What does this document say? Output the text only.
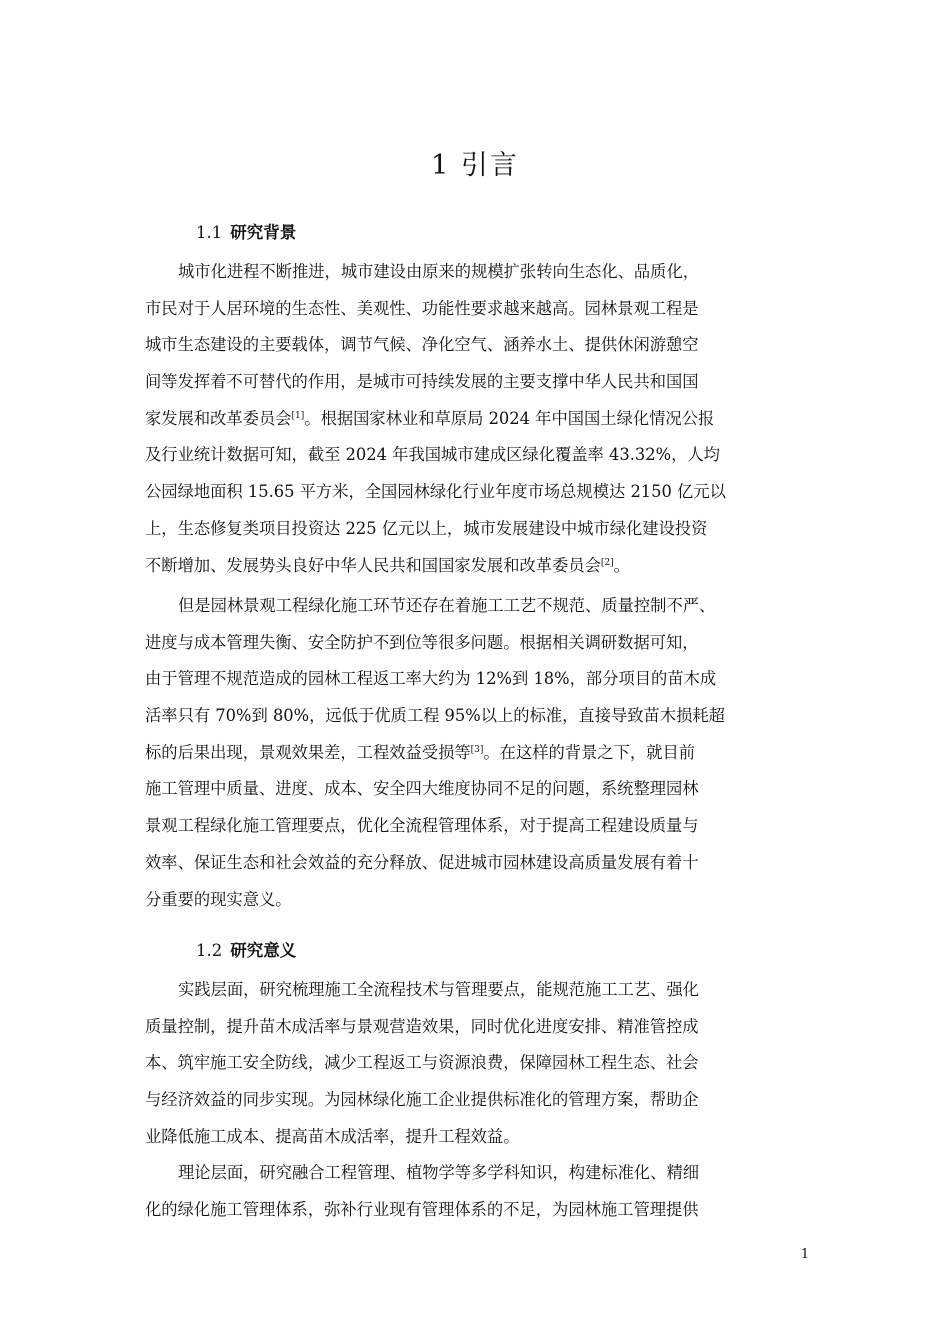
1 引言
1.1 研究背景
城市化进程不断推进，城市建设由原来的规模扩张转向生态化、品质化，
市民对于人居环境的生态性、美观性、功能性要求越来越高。园林景观工程是
城市生态建设的主要载体，调节气候、净化空气、涵养水土、提供休闲游憩空
间等发挥着不可替代的作用，是城市可持续发展的主要支撑中华人民共和国国
家发展和改革委员会[1]。根据国家林业和草原局 2024 年中国国土绿化情况公报
及行业统计数据可知，截至 2024 年我国城市建成区绿化覆盖率 43.32%，人均
公园绿地面积 15.65 平方米，全国园林绿化行业年度市场总规模达 2150 亿元以
上，生态修复类项目投资达 225 亿元以上，城市发展建设中城市绿化建设投资
不断增加、发展势头良好中华人民共和国国家发展和改革委员会[2]。
但是园林景观工程绿化施工环节还存在着施工工艺不规范、质量控制不严、
进度与成本管理失衡、安全防护不到位等很多问题。根据相关调研数据可知，
由于管理不规范造成的园林工程返工率大约为 12%到 18%，部分项目的苗木成
活率只有 70%到 80%，远低于优质工程 95%以上的标准，直接导致苗木损耗超
标的后果出现，景观效果差，工程效益受损等[3]。在这样的背景之下，就目前
施工管理中质量、进度、成本、安全四大维度协同不足的问题，系统整理园林
景观工程绿化施工管理要点，优化全流程管理体系，对于提高工程建设质量与
效率、保证生态和社会效益的充分释放、促进城市园林建设高质量发展有着十
分重要的现实意义。
1.2 研究意义
实践层面，研究梳理施工全流程技术与管理要点，能规范施工工艺、强化
质量控制，提升苗木成活率与景观营造效果，同时优化进度安排、精准管控成
本、筑牢施工安全防线，减少工程返工与资源浪费，保障园林工程生态、社会
与经济效益的同步实现。为园林绿化施工企业提供标准化的管理方案，帮助企
业降低施工成本、提高苗木成活率，提升工程效益。
理论层面，研究融合工程管理、植物学等多学科知识，构建标准化、精细
化的绿化施工管理体系，弥补行业现有管理体系的不足，为园林施工管理提供
1
